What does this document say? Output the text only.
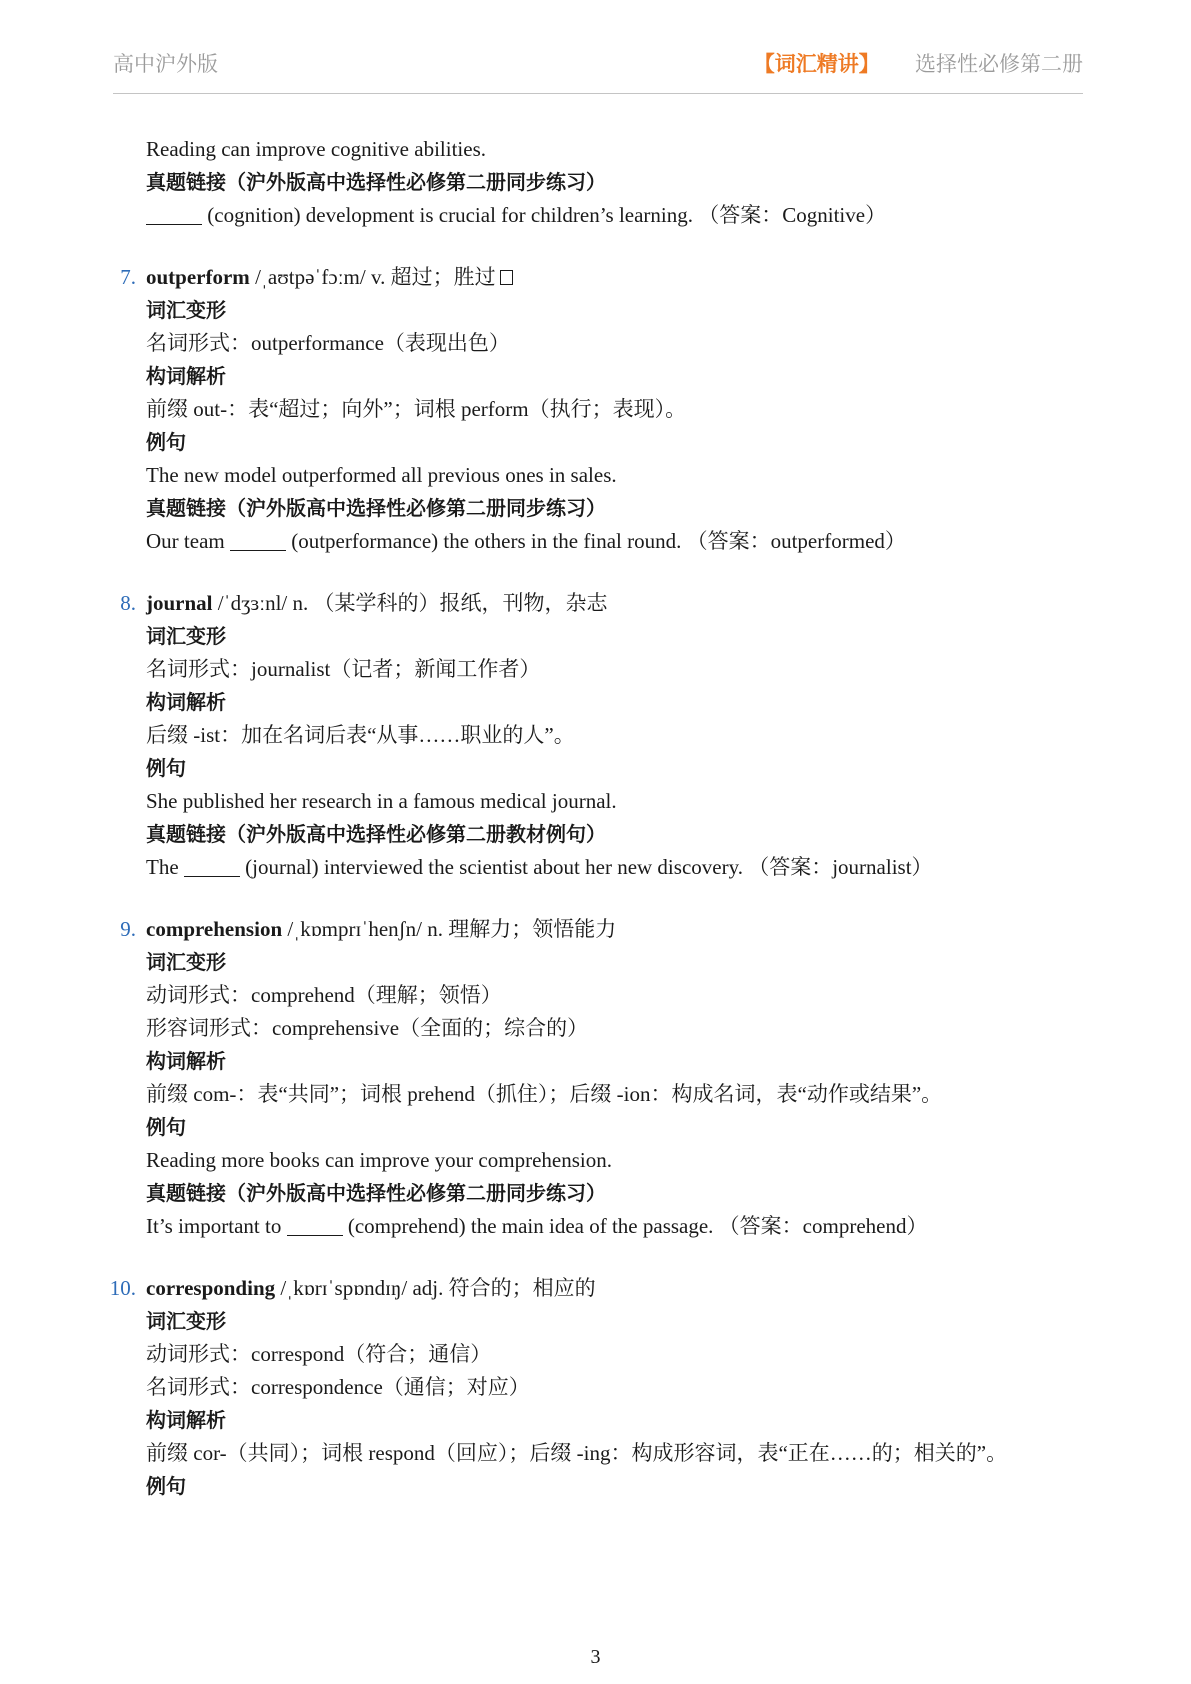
高中沪外版	【词汇精讲】 选择性必修第二册
Reading can improve cognitive abilities.
真题链接（沪外版高中选择性必修第二册同步练习）
(cognition) development is crucial for children’s learning. （答案：Cognitive）
7. outperform /ˌaʊtpəˈfɔːm/ v. 超过；胜过
词汇变形
名词形式：outperformance（表现出色）
构词解析
前缀 out-：表“超过；向外”；词根 perform（执行；表现）。
例句
The new model outperformed all previous ones in sales.
真题链接（沪外版高中选择性必修第二册同步练习）
Our team	(outperformance) the others in the final round. （答案：outperformed）
8. journal /ˈdʒɜːnl/ n. （某学科的）报纸，刊物，杂志
词汇变形
名词形式：journalist（记者；新闻工作者）
构词解析
后缀 -ist：加在名词后表“从事……职业的人”。
例句
She published her research in a famous medical journal.
真题链接（沪外版高中选择性必修第二册教材例句）
The	(journal) interviewed the scientist about her new discovery. （答案：journalist）
9. comprehension /ˌkɒmprɪˈhenʃn/ n. 理解力；领悟能力
词汇变形
动词形式：comprehend（理解；领悟）
形容词形式：comprehensive（全面的；综合的）
构词解析
前缀 com-：表“共同”；词根 prehend（抓住）；后缀 -ion：构成名词，表“动作或结果”。
例句
Reading more books can improve your comprehension.
真题链接（沪外版高中选择性必修第二册同步练习）
It’s important to	(comprehend) the main idea of the passage. （答案：comprehend）
10. corresponding /ˌkɒrɪˈspɒndɪŋ/ adj. 符合的；相应的
词汇变形
动词形式：correspond（符合；通信）
名词形式：correspondence（通信；对应）
构词解析
前缀 cor-（共同）；词根 respond（回应）；后缀 -ing：构成形容词，表“正在……的；相关的”。
例句
3
